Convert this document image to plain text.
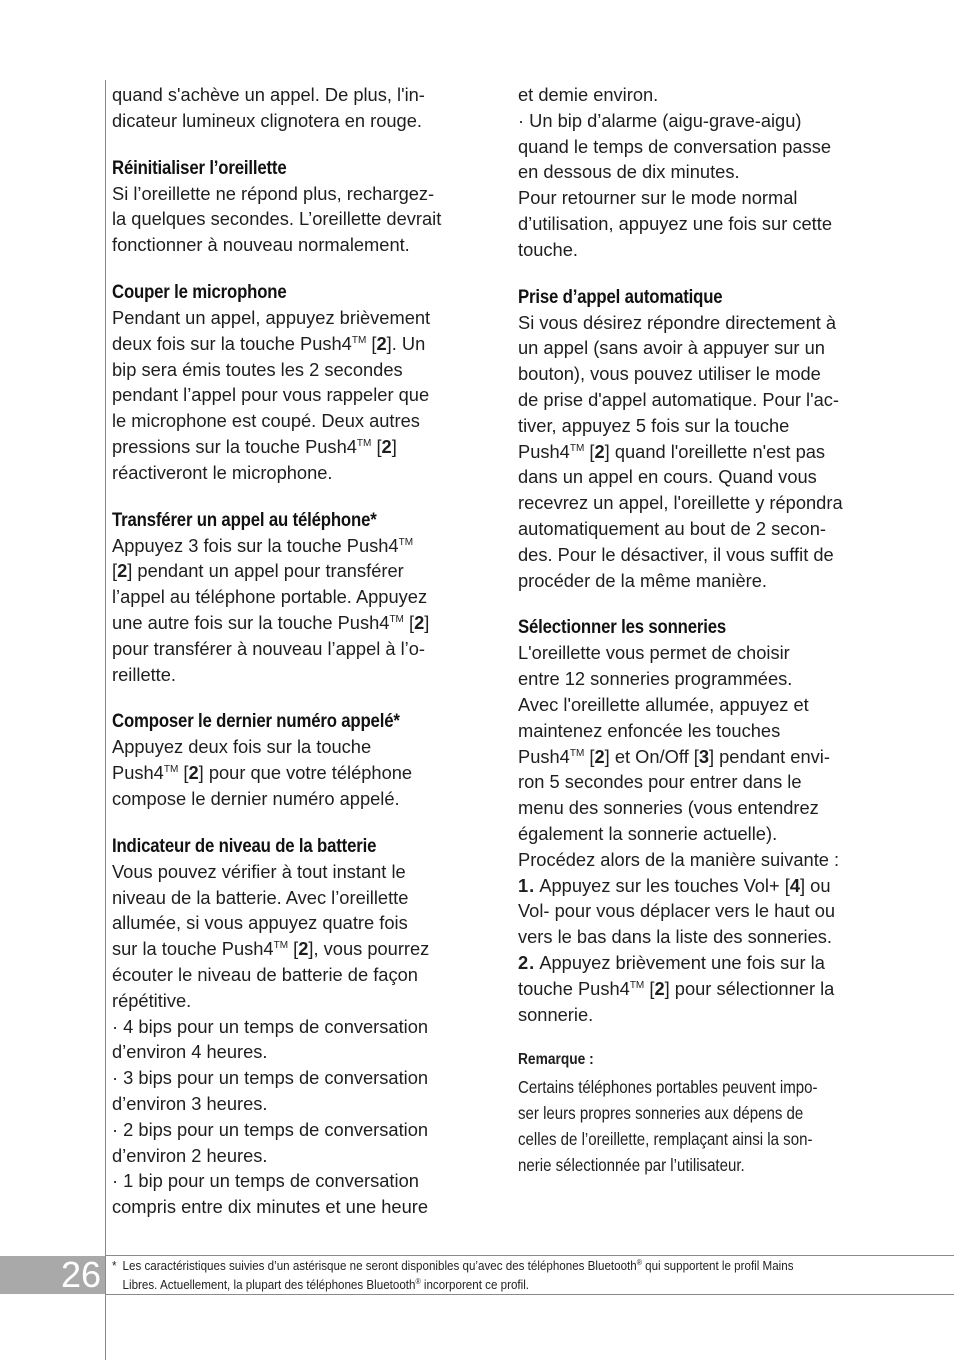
quand s'achève un appel. De plus, l'in-
dicateur lumineux clignotera en rouge.

Réinitialiser l’oreillette

Si l’oreillette ne répond plus, rechargez-
la quelques secondes. L’oreillette devrait
fonctionner à nouveau normalement.

Couper le microphone

Pendant un appel, appuyez brièvement
deux fois sur la touche Push4™ [2]. Un
bip sera émis toutes les 2 secondes
pendant l’appel pour vous rappeler que
le microphone est coupé. Deux autres
pressions sur la touche Push4™ [2]
réactiveront le microphone.

Transférer un appel au téléphone*

Appuyez 3 fois sur la touche Push4™
[2] pendant un appel pour transférer
l’appel au téléphone portable. Appuyez
une autre fois sur la touche Push4™ [2]
pour transférer à nouveau l’appel à l’o-
reillette.

Composer le dernier numéro appelé*

Appuyez deux fois sur la touche
Push4™ [2] pour que votre téléphone
compose le dernier numéro appelé.

Indicateur de niveau de la batterie

Vous pouvez vérifier à tout instant le
niveau de la batterie. Avec l’oreillette
allumée, si vous appuyez quatre fois
sur la touche Push4™ [2], vous pourrez
écouter le niveau de batterie de façon
répétitive.
· 4 bips pour un temps de conversation
d’environ 4 heures.
· 3 bips pour un temps de conversation
d’environ 3 heures.
· 2 bips pour un temps de conversation
d’environ 2 heures.
· 1 bip pour un temps de conversation
compris entre dix minutes et une heure

et demie environ.
· Un bip d’alarme (aigu-grave-aigu)
quand le temps de conversation passe
en dessous de dix minutes.
Pour retourner sur le mode normal
d’utilisation, appuyez une fois sur cette
touche.

Prise d’appel automatique

Si vous désirez répondre directement à
un appel (sans avoir à appuyer sur un
bouton), vous pouvez utiliser le mode
de prise d'appel automatique. Pour l'ac-
tiver, appuyez 5 fois sur la touche
Push4™ [2] quand l'oreillette n'est pas
dans un appel en cours. Quand vous
recevrez un appel, l'oreillette y répondra
automatiquement au bout de 2 secon-
des. Pour le désactiver, il vous suffit de
procéder de la même manière.

Sélectionner les sonneries

L'oreillette vous permet de choisir
entre 12 sonneries programmées.
Avec l'oreillette allumée, appuyez et
maintenez enfoncée les touches
Push4™ [2] et On/Off [3] pendant envi-
ron 5 secondes pour entrer dans le
menu des sonneries (vous entendrez
également la sonnerie actuelle).
Procédez alors de la manière suivante :
1. Appuyez sur les touches Vol+ [4] ou
Vol- pour vous déplacer vers le haut ou
vers le bas dans la liste des sonneries.
2. Appuyez brièvement une fois sur la
touche Push4™ [2] pour sélectionner la
sonnerie.

Remarque :

Certains téléphones portables peuvent impo-
ser leurs propres sonneries aux dépens de
celles de l’oreillette, remplaçant ainsi la son-
nerie sélectionnée par l’utilisateur.

26 * Les caractéristiques suivies d’un astérisque ne seront disponibles qu’avec des téléphones Bluetooth® qui supportent le profil Mains
Libres. Actuellement, la plupart des téléphones Bluetooth® incorporent ce profil.
